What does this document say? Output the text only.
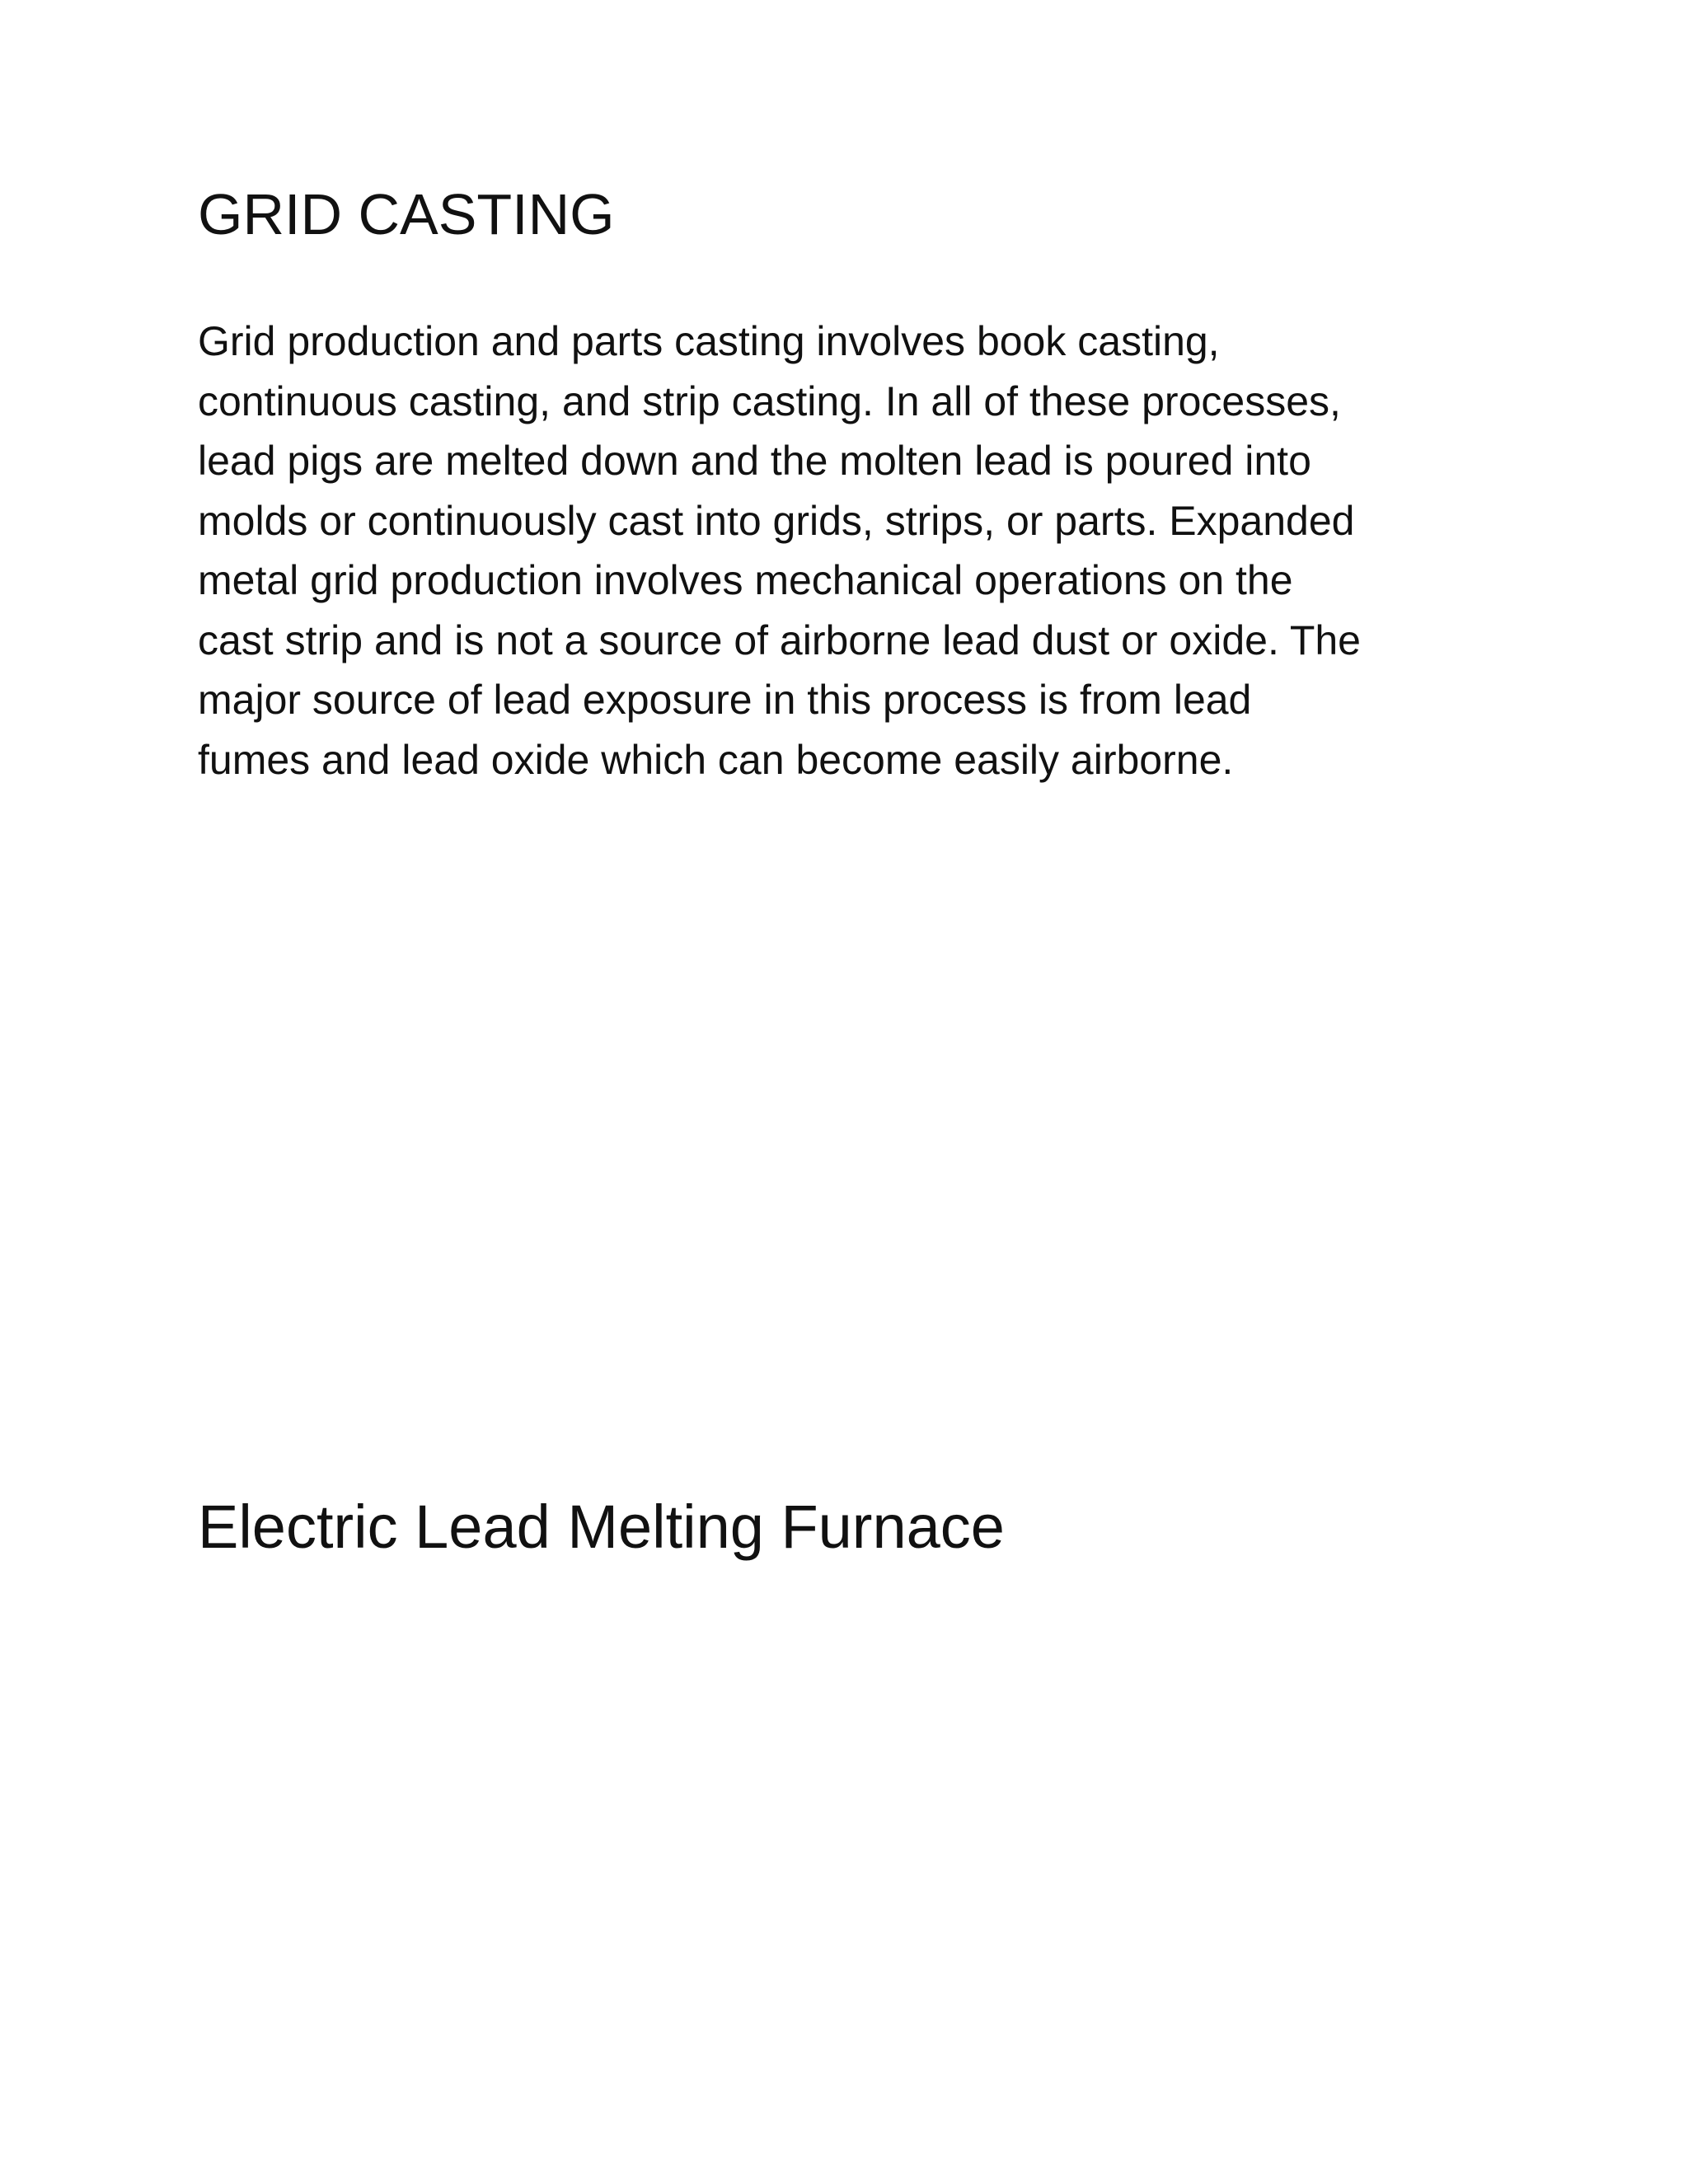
GRID CASTING

Grid production and parts casting involves book casting,
continuous casting, and strip casting. In all of these processes,
lead pigs are melted down and the molten lead is poured into
molds or continuously cast into grids, strips, or parts. Expanded
metal grid production involves mechanical operations on the
cast strip and is not a source of airborne lead dust or oxide. The
major source of lead exposure in this process is from lead
fumes and lead oxide which can become easily airborne.

Electric Lead Melting Furnace
